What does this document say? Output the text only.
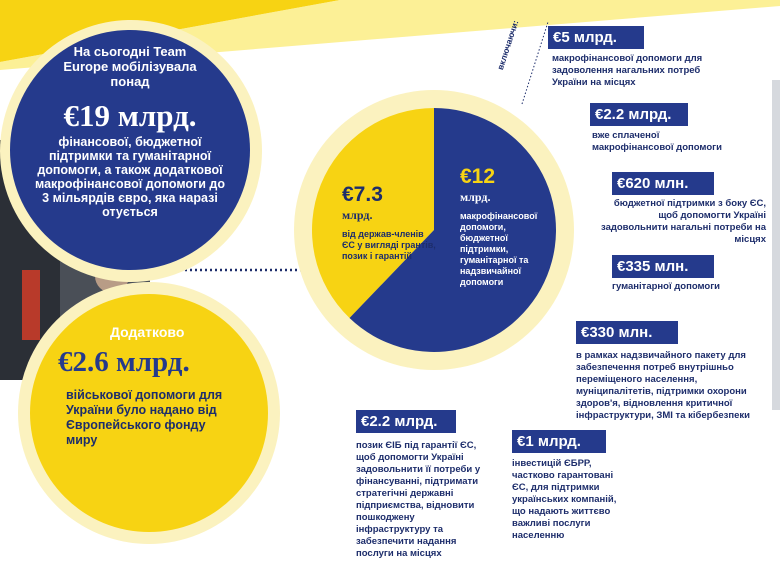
На сьогодні Team Europe мобілізувала понад
€19 млрд.
фінансової, бюджетної підтримки та гуманітарної допомоги, а також додаткової макрофінансової допомоги до 3 мільярдів євро, яка наразі отується
Додатково
€2.6 млрд.
військової допомоги для України було надано від Європейського фонду миру
€7.3
млрд.
від держав-членів ЄС у вигляді грантів, позик і гарантій
€12
млрд.
макрофінансової допомоги, бюджетної підтримки, гуманітарної та надзвичайної допомоги
включаючи:	€5 млрд.
макрофінансової допомоги для задоволення нагальних потреб України на місцях
€2.2 млрд.
вже сплаченої макрофінансової допомоги
€620 млн.
бюджетної підтримки з боку ЄС, щоб допомогти Україні задовольнити нагальні потреби на місцях
€335 млн.
гуманітарної допомоги
€330 млн.
в рамках надзвичайного пакету для забезпечення потреб внутрішньо переміщеного населення, муніципалітетів, підтримки охорони здоров'я, відновлення критичної інфраструктури, ЗМІ та кібербезпеки
€1 млрд.
інвестицій ЄБРР, частково гарантовані ЄС, для підтримки українських компаній, що надають життєво важливі послуги населенню
€2.2 млрд.
позик ЄІБ під гарантії ЄС, щоб допомогти Україні задовольнити її потреби у фінансуванні, підтримати стратегічні державні підприємства, відновити пошкоджену інфраструктуру та забезпечити надання послуги на місцях
